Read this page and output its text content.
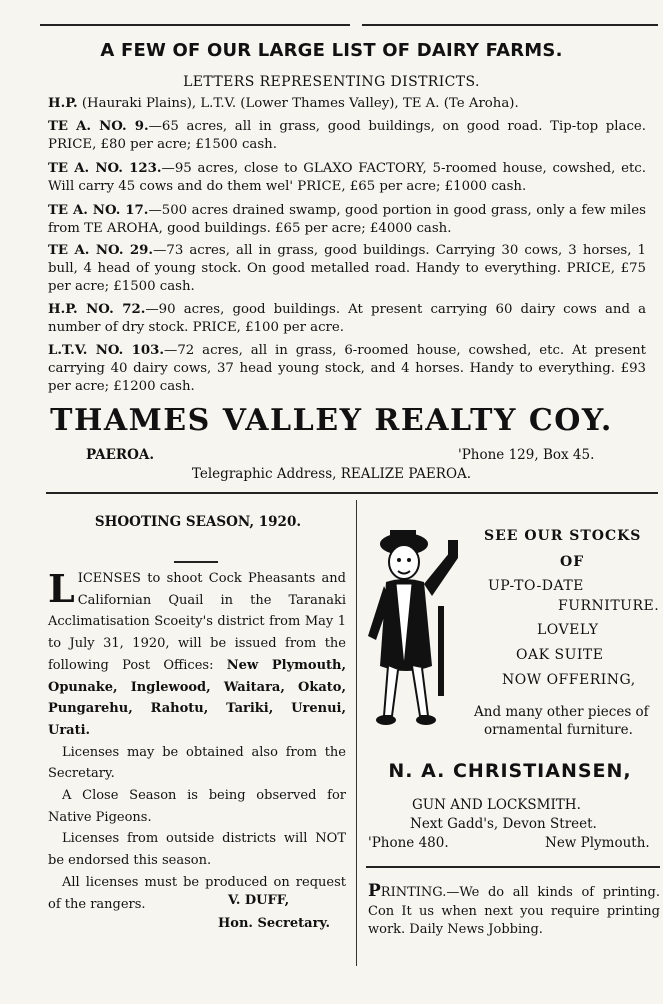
A FEW OF OUR LARGE LIST OF DAIRY FARMS.
LETTERS REPRESENTING DISTRICTS.

H.P. (Hauraki Plains), L.T.V. (Lower Thames Valley), TE A. (Te Aroha).

TE A. NO. 9.—65 acres, all in grass, good buildings, on good road. Tip-top place. PRICE, £80 per acre; £1500 cash.

TE A. NO. 123.—95 acres, close to GLAXO FACTORY, 5-roomed house, cowshed, etc. Will carry 45 cows and do them wel' PRICE, £65 per acre; £1000 cash.

TE A. NO. 17.—500 acres drained swamp, good portion in good grass, only a few miles from TE AROHA, good buildings. £65 per acre; £4000 cash.

TE A. NO. 29.—73 acres, all in grass, good buildings. Carrying 30 cows, 3 horses, 1 bull, 4 head of young stock. On good metalled road. Handy to everything. PRICE, £75 per acre; £1500 cash.

H.P. NO. 72.—90 acres, good buildings. At present carrying 60 dairy cows and a number of dry stock. PRICE, £100 per acre.

L.T.V. NO. 103.—72 acres, all in grass, 6-roomed house, cowshed, etc. At present carrying 40 dairy cows, 37 head young stock, and 4 horses. Handy to everything. £93 per acre; £1200 cash.

THAMES VALLEY REALTY COY.
PAEROA.	'Phone 129, Box 45.
Telegraphic Address, REALIZE PAEROA.
SHOOTING SEASON, 1920.

LICENSES to shoot Cock Pheasants and Californian Quail in the Taranaki Acclimatisation Scoeity's district from May 1 to July 31, 1920, will be issued from the following Post Offices: New Plymouth, Opunake, Inglewood, Waitara, Okato, Pungarehu, Rahotu, Tariki, Urenui, Urati.

Licenses may be obtained also from the Secretary.

A Close Season is being observed for Native Pigeons.

Licenses from outside districts will NOT be endorsed this season.

All licenses must be produced on request of the rangers.	V. DUFF,
Hon. Secretary.
SEE OUR STOCKS
OF
UP-TO-DATE
FURNITURE.
LOVELY
OAK SUITE
NOW OFFERING,
And many other pieces of
ornamental furniture.
N. A. CHRISTIANSEN,
GUN AND LOCKSMITH.
Next Gadd's, Devon Street.
'Phone 480.	New Plymouth.

PRINTING.—We do all kinds of printing. Con It us when next you require printing work. Daily News Jobbing.
